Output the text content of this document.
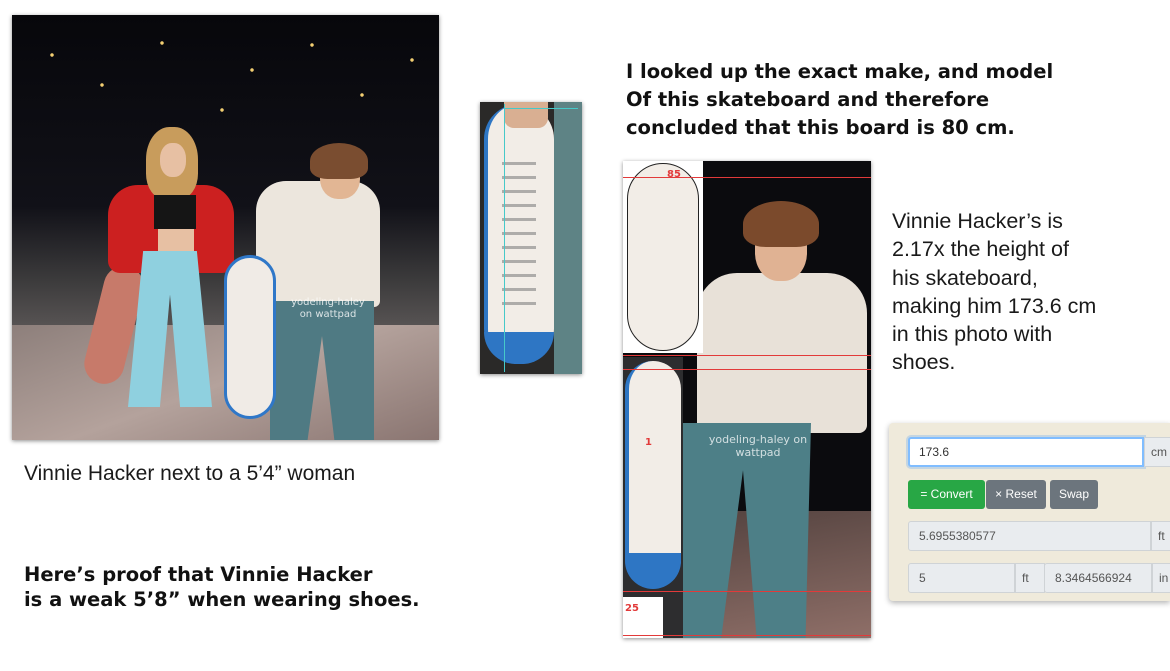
yodeling-haley on wattpad
85
1
25
yodeling-haley on wattpad
Vinnie Hacker next to a 5’4” woman
Here’s proof that Vinnie Hacker
is a weak 5’8” when wearing shoes.
I looked up the exact make, and model
Of this skateboard and therefore
concluded that this board is 80 cm.
Vinnie Hacker’s is
2.17x the height of
his skateboard,
making him 173.6 cm
in this photo with
shoes.
173.6	cm
= Convert	× Reset	Swap
5.6955380577	ft
5	ft	8.3464566924	in
